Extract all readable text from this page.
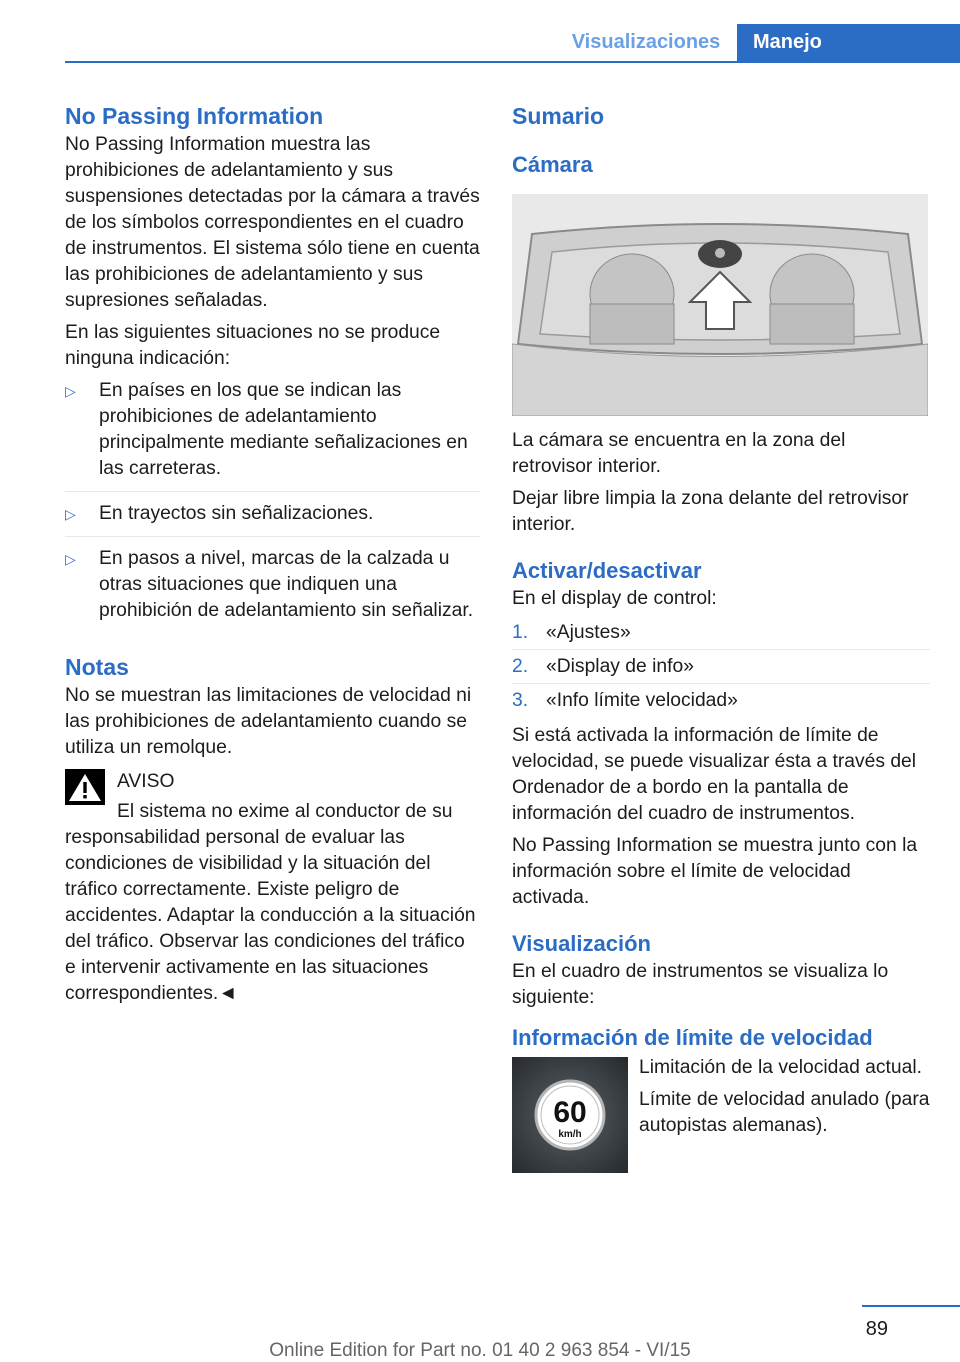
Visualizaciones	Manejo
No Passing Information

No Passing Information muestra las prohibiciones de adelantamiento y sus suspensiones detectadas por la cámara a través de los símbolos correspondientes en el cuadro de instrumentos. El sistema sólo tiene en cuenta las prohibiciones de adelantamiento y sus supresiones señaladas.

En las siguientes situaciones no se produce ninguna indicación:

▷ En países en los que se indican las prohibiciones de adelantamiento principalmente mediante señalizaciones en las carreteras.
▷ En trayectos sin señalizaciones.
▷ En pasos a nivel, marcas de la calzada u otras situaciones que indiquen una prohibición de adelantamiento sin señalizar.
Notas

No se muestran las limitaciones de velocidad ni las prohibiciones de adelantamiento cuando se utiliza un remolque.

AVISO

El sistema no exime al conductor de su

responsabilidad personal de evaluar las condiciones de visibilidad y la situación del tráfico correctamente. Existe peligro de accidentes. Adaptar la conducción a la situación del tráfico. Observar las condiciones del tráfico e intervenir activamente en las situaciones correspondientes.◄

Sumario
Cámara

La cámara se encuentra en la zona del retrovisor interior.

Dejar libre limpia la zona delante del retrovisor interior.

Activar/desactivar

En el display de control:

1. «Ajustes»
2. «Display de info»
3. «Info límite velocidad»

Si está activada la información de límite de velocidad, se puede visualizar ésta a través del Ordenador de a bordo en la pantalla de información del cuadro de instrumentos.

No Passing Information se muestra junto con la información sobre el límite de velocidad activada.

Visualización

En el cuadro de instrumentos se visualiza lo siguiente:

Información de límite de velocidad
60
km/h

Limitación de la velocidad actual.

Límite de velocidad anulado (para autopistas alemanas).

89
Online Edition for Part no. 01 40 2 963 854 - VI/15
